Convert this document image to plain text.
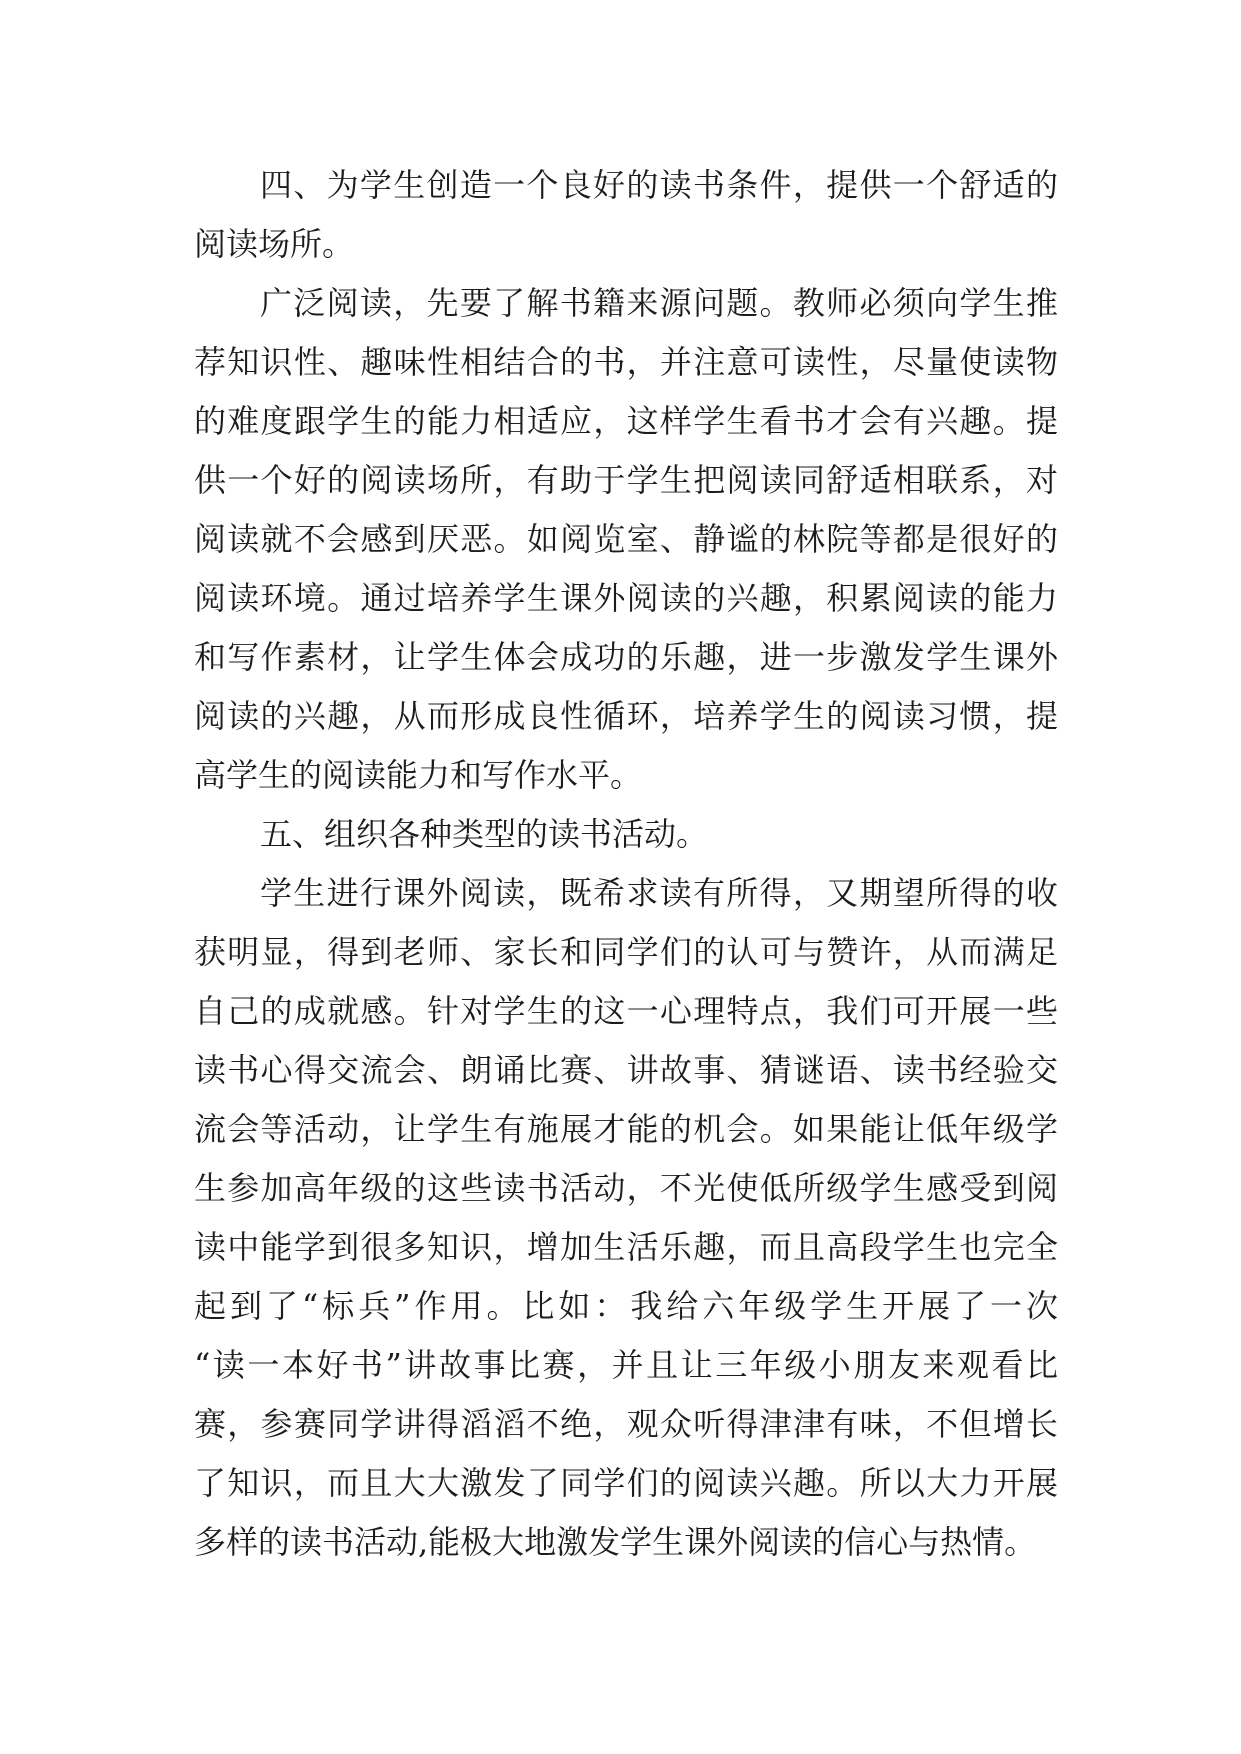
四、为学生创造一个良好的读书条件，提供一个舒适的
阅读场所。
广泛阅读，先要了解书籍来源问题。教师必须向学生推
荐知识性、趣味性相结合的书，并注意可读性，尽量使读物
的难度跟学生的能力相适应，这样学生看书才会有兴趣。提
供一个好的阅读场所，有助于学生把阅读同舒适相联系，对
阅读就不会感到厌恶。如阅览室、静谧的林院等都是很好的
阅读环境。通过培养学生课外阅读的兴趣，积累阅读的能力
和写作素材，让学生体会成功的乐趣，进一步激发学生课外
阅读的兴趣，从而形成良性循环，培养学生的阅读习惯，提
高学生的阅读能力和写作水平。
五、组织各种类型的读书活动。
学生进行课外阅读，既希求读有所得，又期望所得的收
获明显，得到老师、家长和同学们的认可与赞许，从而满足
自己的成就感。针对学生的这一心理特点，我们可开展一些
读书心得交流会、朗诵比赛、讲故事、猜谜语、读书经验交
流会等活动，让学生有施展才能的机会。如果能让低年级学
生参加高年级的这些读书活动，不光使低所级学生感受到阅
读中能学到很多知识，增加生活乐趣，而且高段学生也完全
起到了“标兵”作用。比如：我给六年级学生开展了一次
“读一本好书”讲故事比赛，并且让三年级小朋友来观看比
赛，参赛同学讲得滔滔不绝，观众听得津津有味，不但增长
了知识，而且大大激发了同学们的阅读兴趣。所以大力开展
多样的读书活动,能极大地激发学生课外阅读的信心与热情。
